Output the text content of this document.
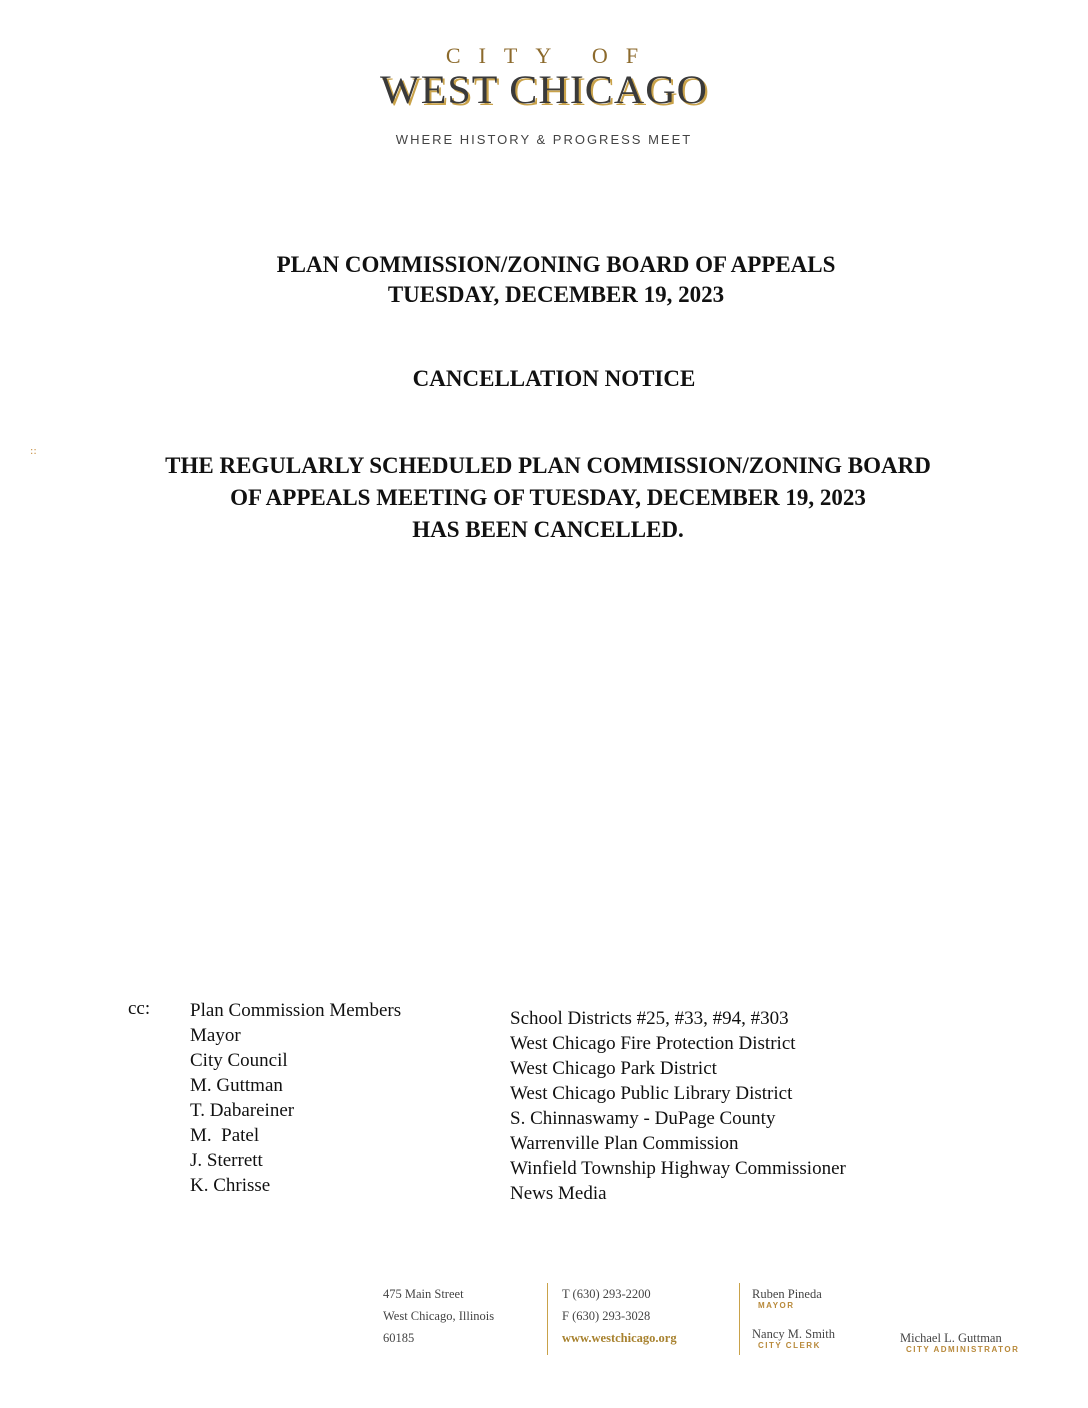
CITY OF
WEST CHICAGO
WHERE HISTORY & PROGRESS MEET
PLAN COMMISSION/ZONING BOARD OF APPEALS
TUESDAY, DECEMBER 19, 2023
CANCELLATION NOTICE
::
THE REGULARLY SCHEDULED PLAN COMMISSION/ZONING BOARD
OF APPEALS MEETING OF TUESDAY, DECEMBER 19, 2023
HAS BEEN CANCELLED.
cc: Plan Commission Members
Mayor
City Council
M. Guttman
T. Dabareiner
M.  Patel
J. Sterrett
K. Chrisse
School Districts #25, #33, #94, #303
West Chicago Fire Protection District
West Chicago Park District
West Chicago Public Library District
S. Chinnaswamy - DuPage County
Warrenville Plan Commission
Winfield Township Highway Commissioner
News Media
475 Main Street
West Chicago, Illinois
60185
T (630) 293-2200
F (630) 293-3028
www.westchicago.org
Ruben Pineda
MAYOR
Nancy M. Smith
CITY CLERK
Michael L. Guttman
CITY ADMINISTRATOR
